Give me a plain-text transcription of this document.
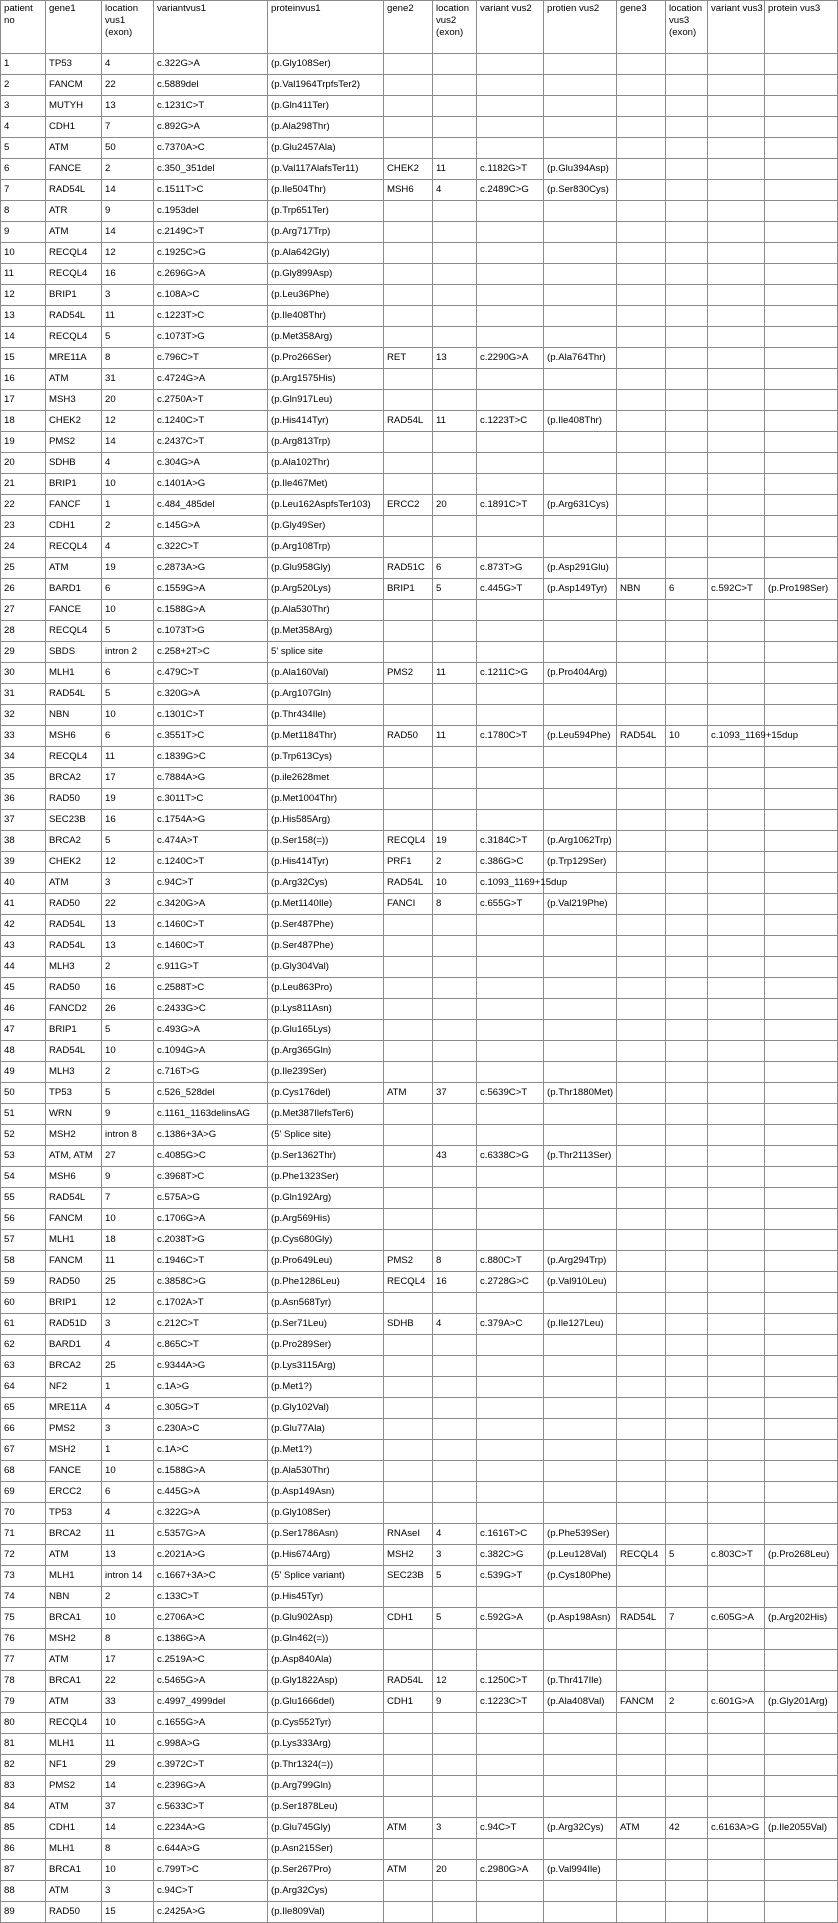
patient no	gene1	location vus1 (exon)	variantvus1	proteinvus1	gene2	location vus2 (exon)	variant vus2	protien vus2	gene3	location vus3 (exon)	variant vus3	protein vus3
1	TP53	4	c.322G>A	(p.Gly108Ser)								
2	FANCM	22	c.5889del	(p.Val1964TrpfsTer2)								
3	MUTYH	13	c.1231C>T	(p.Gln411Ter)								
4	CDH1	7	c.892G>A	(p.Ala298Thr)								
5	ATM	50	c.7370A>C	(p.Glu2457Ala)								
6	FANCE	2	c.350_351del	(p.Val117AlafsTer11)	CHEK2	11	c.1182G>T	(p.Glu394Asp)				
7	RAD54L	14	c.1511T>C	(p.Ile504Thr)	MSH6	4	c.2489C>G	(p.Ser830Cys)				
8	ATR	9	c.1953del	(p.Trp651Ter)								
9	ATM	14	c.2149C>T	(p.Arg717Trp)								
10	RECQL4	12	c.1925C>G	(p.Ala642Gly)								
11	RECQL4	16	c.2696G>A	(p.Gly899Asp)								
12	BRIP1	3	c.108A>C	(p.Leu36Phe)								
13	RAD54L	11	c.1223T>C	(p.Ile408Thr)								
14	RECQL4	5	c.1073T>G	(p.Met358Arg)								
15	MRE11A	8	c.796C>T	(p.Pro266Ser)	RET	13	c.2290G>A	(p.Ala764Thr)				
16	ATM	31	c.4724G>A	(p.Arg1575His)								
17	MSH3	20	c.2750A>T	(p.Gln917Leu)								
18	CHEK2	12	c.1240C>T	(p.His414Tyr)	RAD54L	11	c.1223T>C	(p.Ile408Thr)				
19	PMS2	14	c.2437C>T	(p.Arg813Trp)								
20	SDHB	4	c.304G>A	(p.Ala102Thr)								
21	BRIP1	10	c.1401A>G	(p.Ile467Met)								
22	FANCF	1	c.484_485del	(p.Leu162AspfsTer103)	ERCC2	20	c.1891C>T	(p.Arg631Cys)				
23	CDH1	2	c.145G>A	(p.Gly49Ser)								
24	RECQL4	4	c.322C>T	(p.Arg108Trp)								
25	ATM	19	c.2873A>G	(p.Glu958Gly)	RAD51C	6	c.873T>G	(p.Asp291Glu)				
26	BARD1	6	c.1559G>A	(p.Arg520Lys)	BRIP1	5	c.445G>T	(p.Asp149Tyr)	NBN	6	c.592C>T	(p.Pro198Ser)
27	FANCE	10	c.1588G>A	(p.Ala530Thr)								
28	RECQL4	5	c.1073T>G	(p.Met358Arg)								
29	SBDS	intron 2	c.258+2T>C	5' splice site								
30	MLH1	6	c.479C>T	(p.Ala160Val)	PMS2	11	c.1211C>G	(p.Pro404Arg)				
31	RAD54L	5	c.320G>A	(p.Arg107Gln)								
32	NBN	10	c.1301C>T	(p.Thr434Ile)								
33	MSH6	6	c.3551T>C	(p.Met1184Thr)	RAD50	11	c.1780C>T	(p.Leu594Phe)	RAD54L	10	c.1093_1169+15dup	
34	RECQL4	11	c.1839G>C	(p.Trp613Cys)								
35	BRCA2	17	c.7884A>G	(p.ile2628met								
36	RAD50	19	c.3011T>C	(p.Met1004Thr)								
37	SEC23B	16	c.1754A>G	(p.His585Arg)								
38	BRCA2	5	c.474A>T	(p.Ser158(=))	RECQL4	19	c.3184C>T	(p.Arg1062Trp)				
39	CHEK2	12	c.1240C>T	(p.His414Tyr)	PRF1	2	c.386G>C	(p.Trp129Ser)				
40	ATM	3	c.94C>T	(p.Arg32Cys)	RAD54L	10	c.1093_1169+15dup					
41	RAD50	22	c.3420G>A	(p.Met1140Ile)	FANCI	8	c.655G>T	(p.Val219Phe)				
42	RAD54L	13	c.1460C>T	(p.Ser487Phe)								
43	RAD54L	13	c.1460C>T	(p.Ser487Phe)								
44	MLH3	2	c.911G>T	(p.Gly304Val)								
45	RAD50	16	c.2588T>C	(p.Leu863Pro)								
46	FANCD2	26	c.2433G>C	(p.Lys811Asn)								
47	BRIP1	5	c.493G>A	(p.Glu165Lys)								
48	RAD54L	10	c.1094G>A	(p.Arg365Gln)								
49	MLH3	2	c.716T>G	(p.Ile239Ser)								
50	TP53	5	c.526_528del	(p.Cys176del)	ATM	37	c.5639C>T	(p.Thr1880Met)				
51	WRN	9	c.1161_1163delinsAG	(p.Met387IlefsTer6)								
52	MSH2	intron 8	c.1386+3A>G	(5' Splice site)								
53	ATM, ATM	27	c.4085G>C	(p.Ser1362Thr)		43	c.6338C>G	(p.Thr2113Ser)				
54	MSH6	9	c.3968T>C	(p.Phe1323Ser)								
55	RAD54L	7	c.575A>G	(p.Gln192Arg)								
56	FANCM	10	c.1706G>A	(p.Arg569His)								
57	MLH1	18	c.2038T>G	(p.Cys680Gly)								
58	FANCM	11	c.1946C>T	(p.Pro649Leu)	PMS2	8	c.880C>T	(p.Arg294Trp)				
59	RAD50	25	c.3858C>G	(p.Phe1286Leu)	RECQL4	16	c.2728G>C	(p.Val910Leu)				
60	BRIP1	12	c.1702A>T	(p.Asn568Tyr)								
61	RAD51D	3	c.212C>T	(p.Ser71Leu)	SDHB	4	c.379A>C	(p.Ile127Leu)				
62	BARD1	4	c.865C>T	(p.Pro289Ser)								
63	BRCA2	25	c.9344A>G	(p.Lys3115Arg)								
64	NF2	1	c.1A>G	(p.Met1?)								
65	MRE11A	4	c.305G>T	(p.Gly102Val)								
66	PMS2	3	c.230A>C	(p.Glu77Ala)								
67	MSH2	1	c.1A>C	(p.Met1?)								
68	FANCE	10	c.1588G>A	(p.Ala530Thr)								
69	ERCC2	6	c.445G>A	(p.Asp149Asn)								
70	TP53	4	c.322G>A	(p.Gly108Ser)								
71	BRCA2	11	c.5357G>A	(p.Ser1786Asn)	RNAseI	4	c.1616T>C	(p.Phe539Ser)				
72	ATM	13	c.2021A>G	(p.His674Arg)	MSH2	3	c.382C>G	(p.Leu128Val)	RECQL4	5	c.803C>T	(p.Pro268Leu)
73	MLH1	intron 14	c.1667+3A>C	(5' Splice variant)	SEC23B	5	c.539G>T	(p.Cys180Phe)				
74	NBN	2	c.133C>T	(p.His45Tyr)								
75	BRCA1	10	c.2706A>C	(p.Glu902Asp)	CDH1	5	c.592G>A	(p.Asp198Asn)	RAD54L	7	c.605G>A	(p.Arg202His)
76	MSH2	8	c.1386G>A	(p.Gln462(=))								
77	ATM	17	c.2519A>C	(p.Asp840Ala)								
78	BRCA1	22	c.5465G>A	(p.Gly1822Asp)	RAD54L	12	c.1250C>T	(p.Thr417Ile)				
79	ATM	33	c.4997_4999del	(p.Glu1666del)	CDH1	9	c.1223C>T	(p.Ala408Val)	FANCM	2	c.601G>A	(p.Gly201Arg)
80	RECQL4	10	c.1655G>A	(p.Cys552Tyr)								
81	MLH1	11	c.998A>G	(p.Lys333Arg)								
82	NF1	29	c.3972C>T	(p.Thr1324(=))								
83	PMS2	14	c.2396G>A	(p.Arg799Gln)								
84	ATM	37	c.5633C>T	(p.Ser1878Leu)								
85	CDH1	14	c.2234A>G	(p.Glu745Gly)	ATM	3	c.94C>T	(p.Arg32Cys)	ATM	42	c.6163A>G	(p.Ile2055Val)
86	MLH1	8	c.644A>G	(p.Asn215Ser)								
87	BRCA1	10	c.799T>C	(p.Ser267Pro)	ATM	20	c.2980G>A	(p.Val994Ile)				
88	ATM	3	c.94C>T	(p.Arg32Cys)								
89	RAD50	15	c.2425A>G	(p.Ile809Val)								
